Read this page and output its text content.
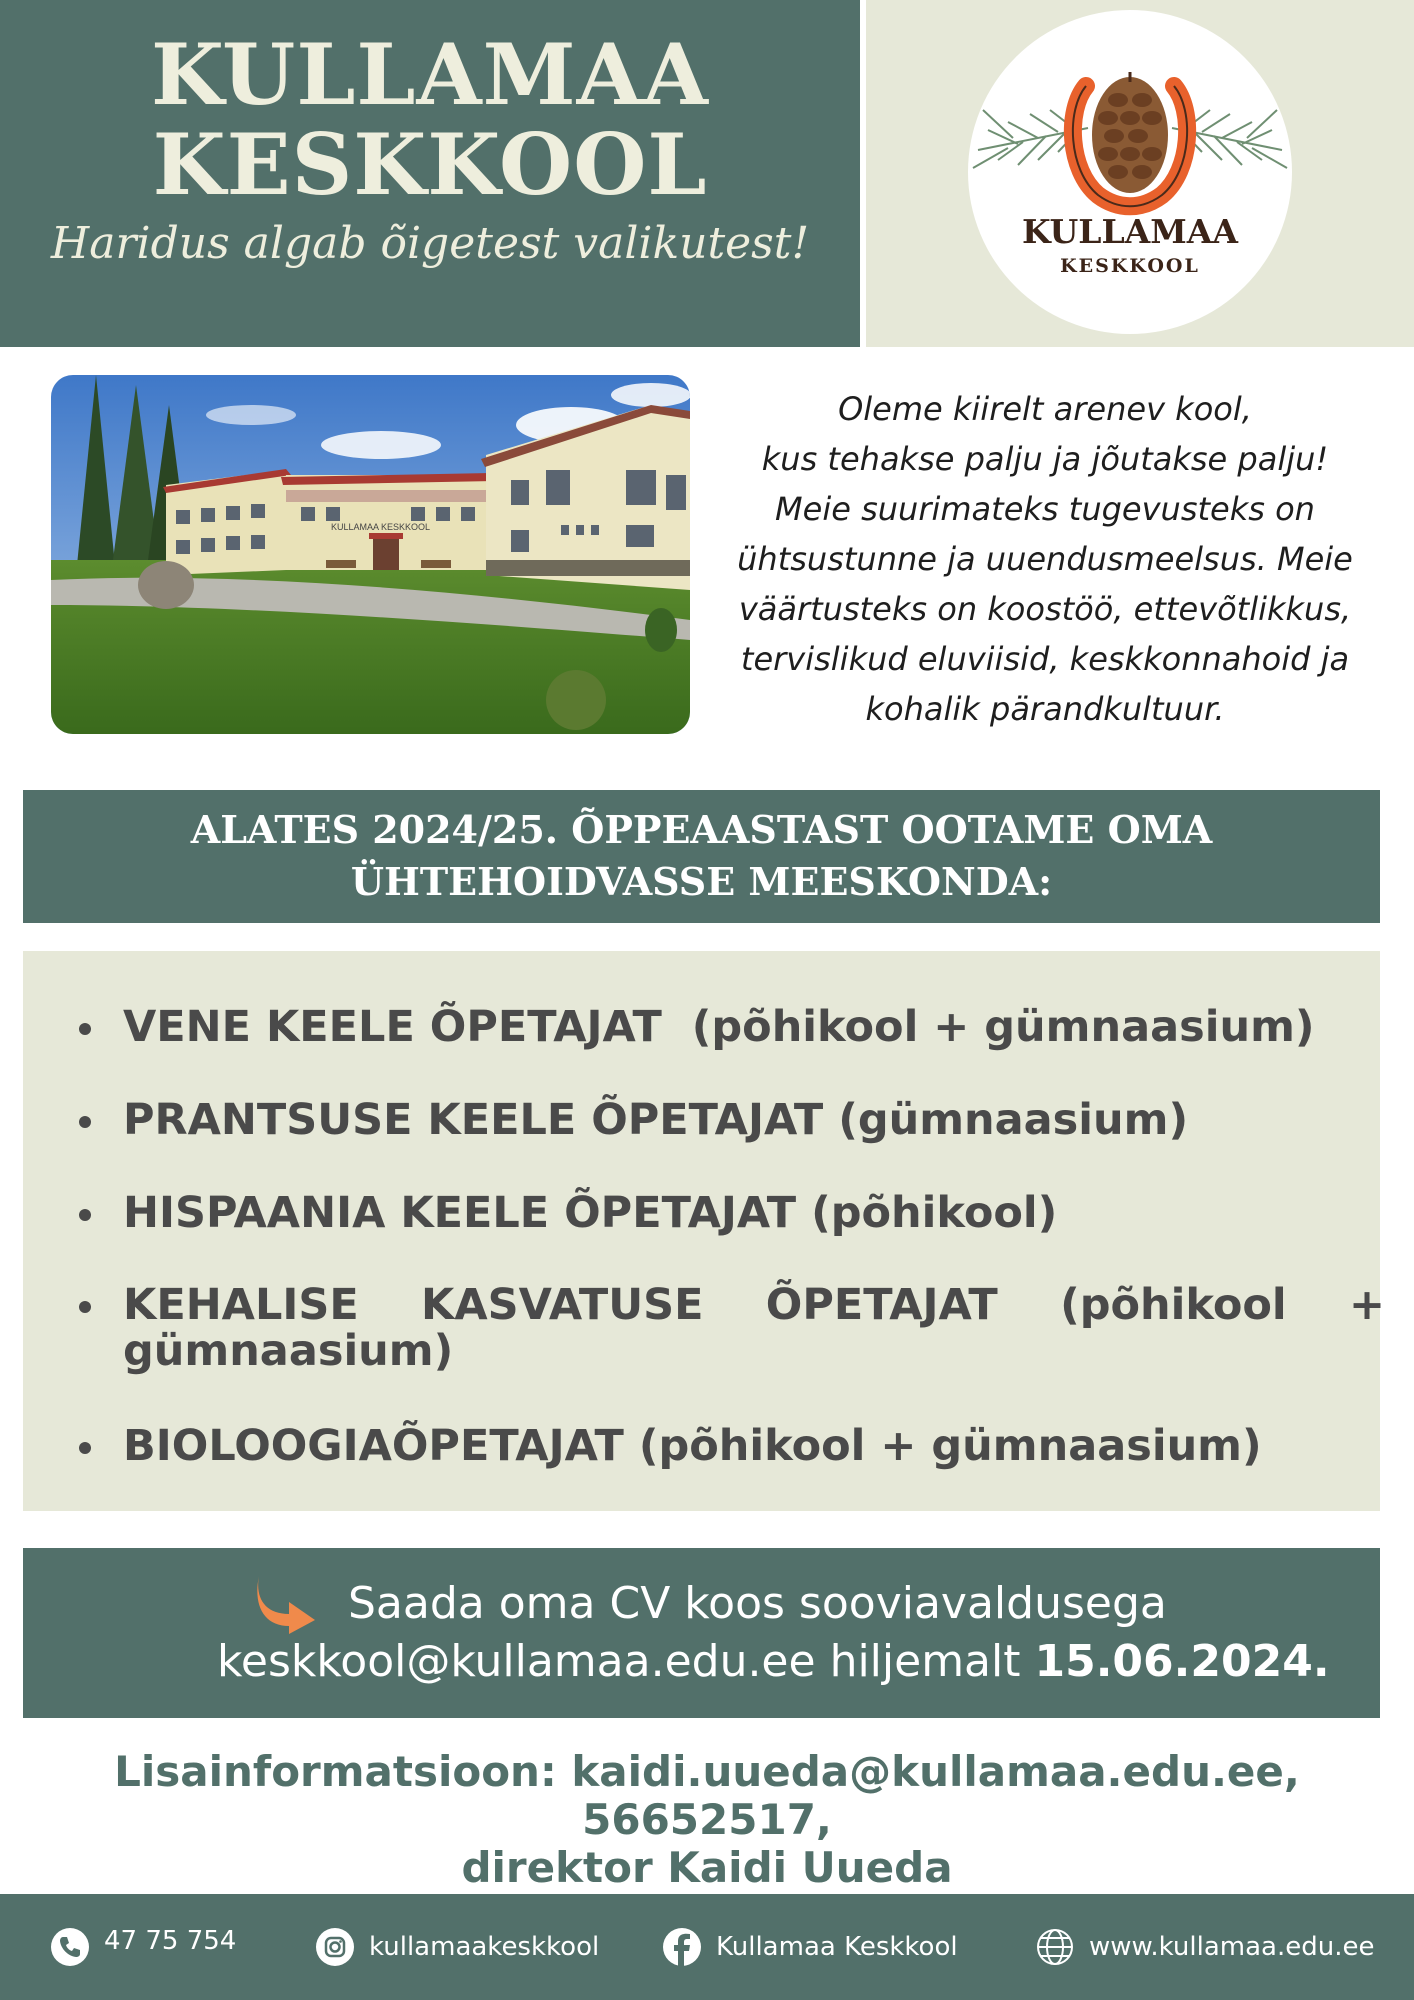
KULLAMAA
KESKKOOL
Haridus algab õigetest valikutest!	KULLAMAA
KESKKOOL
KULLAMAA KESKKOOL
Oleme kiirelt arenev kool,
kus tehakse palju ja jõutakse palju!
Meie suurimateks tugevusteks on
ühtsustunne ja uuendusmeelsus. Meie
väärtusteks on koostöö, ettevõtlikkus,
tervislikud eluviisid, keskkonnahoid ja
kohalik pärandkultuur.
ALATES 2024/25. ÕPPEAASTAST OOTAME OMA
ÜHTEHOIDVASSE MEESKONDA:
VENE KEELE ÕPETAJAT  (põhikool + gümnaasium)
PRANTSUSE KEELE ÕPETAJAT (gümnaasium)
HISPAANIA KEELE ÕPETAJAT (põhikool)
KEHALISE KASVATUSE ÕPETAJAT (põhikool +
gümnaasium)
BIOLOOGIAÕPETAJAT (põhikool + gümnaasium)
Saada oma CV koos sooviavaldusega
keskkool@kullamaa.edu.ee hiljemalt 15.06.2024.
Lisainformatsioon: kaidi.uueda@kullamaa.edu.ee, 56652517,
direktor Kaidi Uueda
47 75 754	kullamaakeskkool	Kullamaa Keskkool	www.kullamaa.edu.ee
